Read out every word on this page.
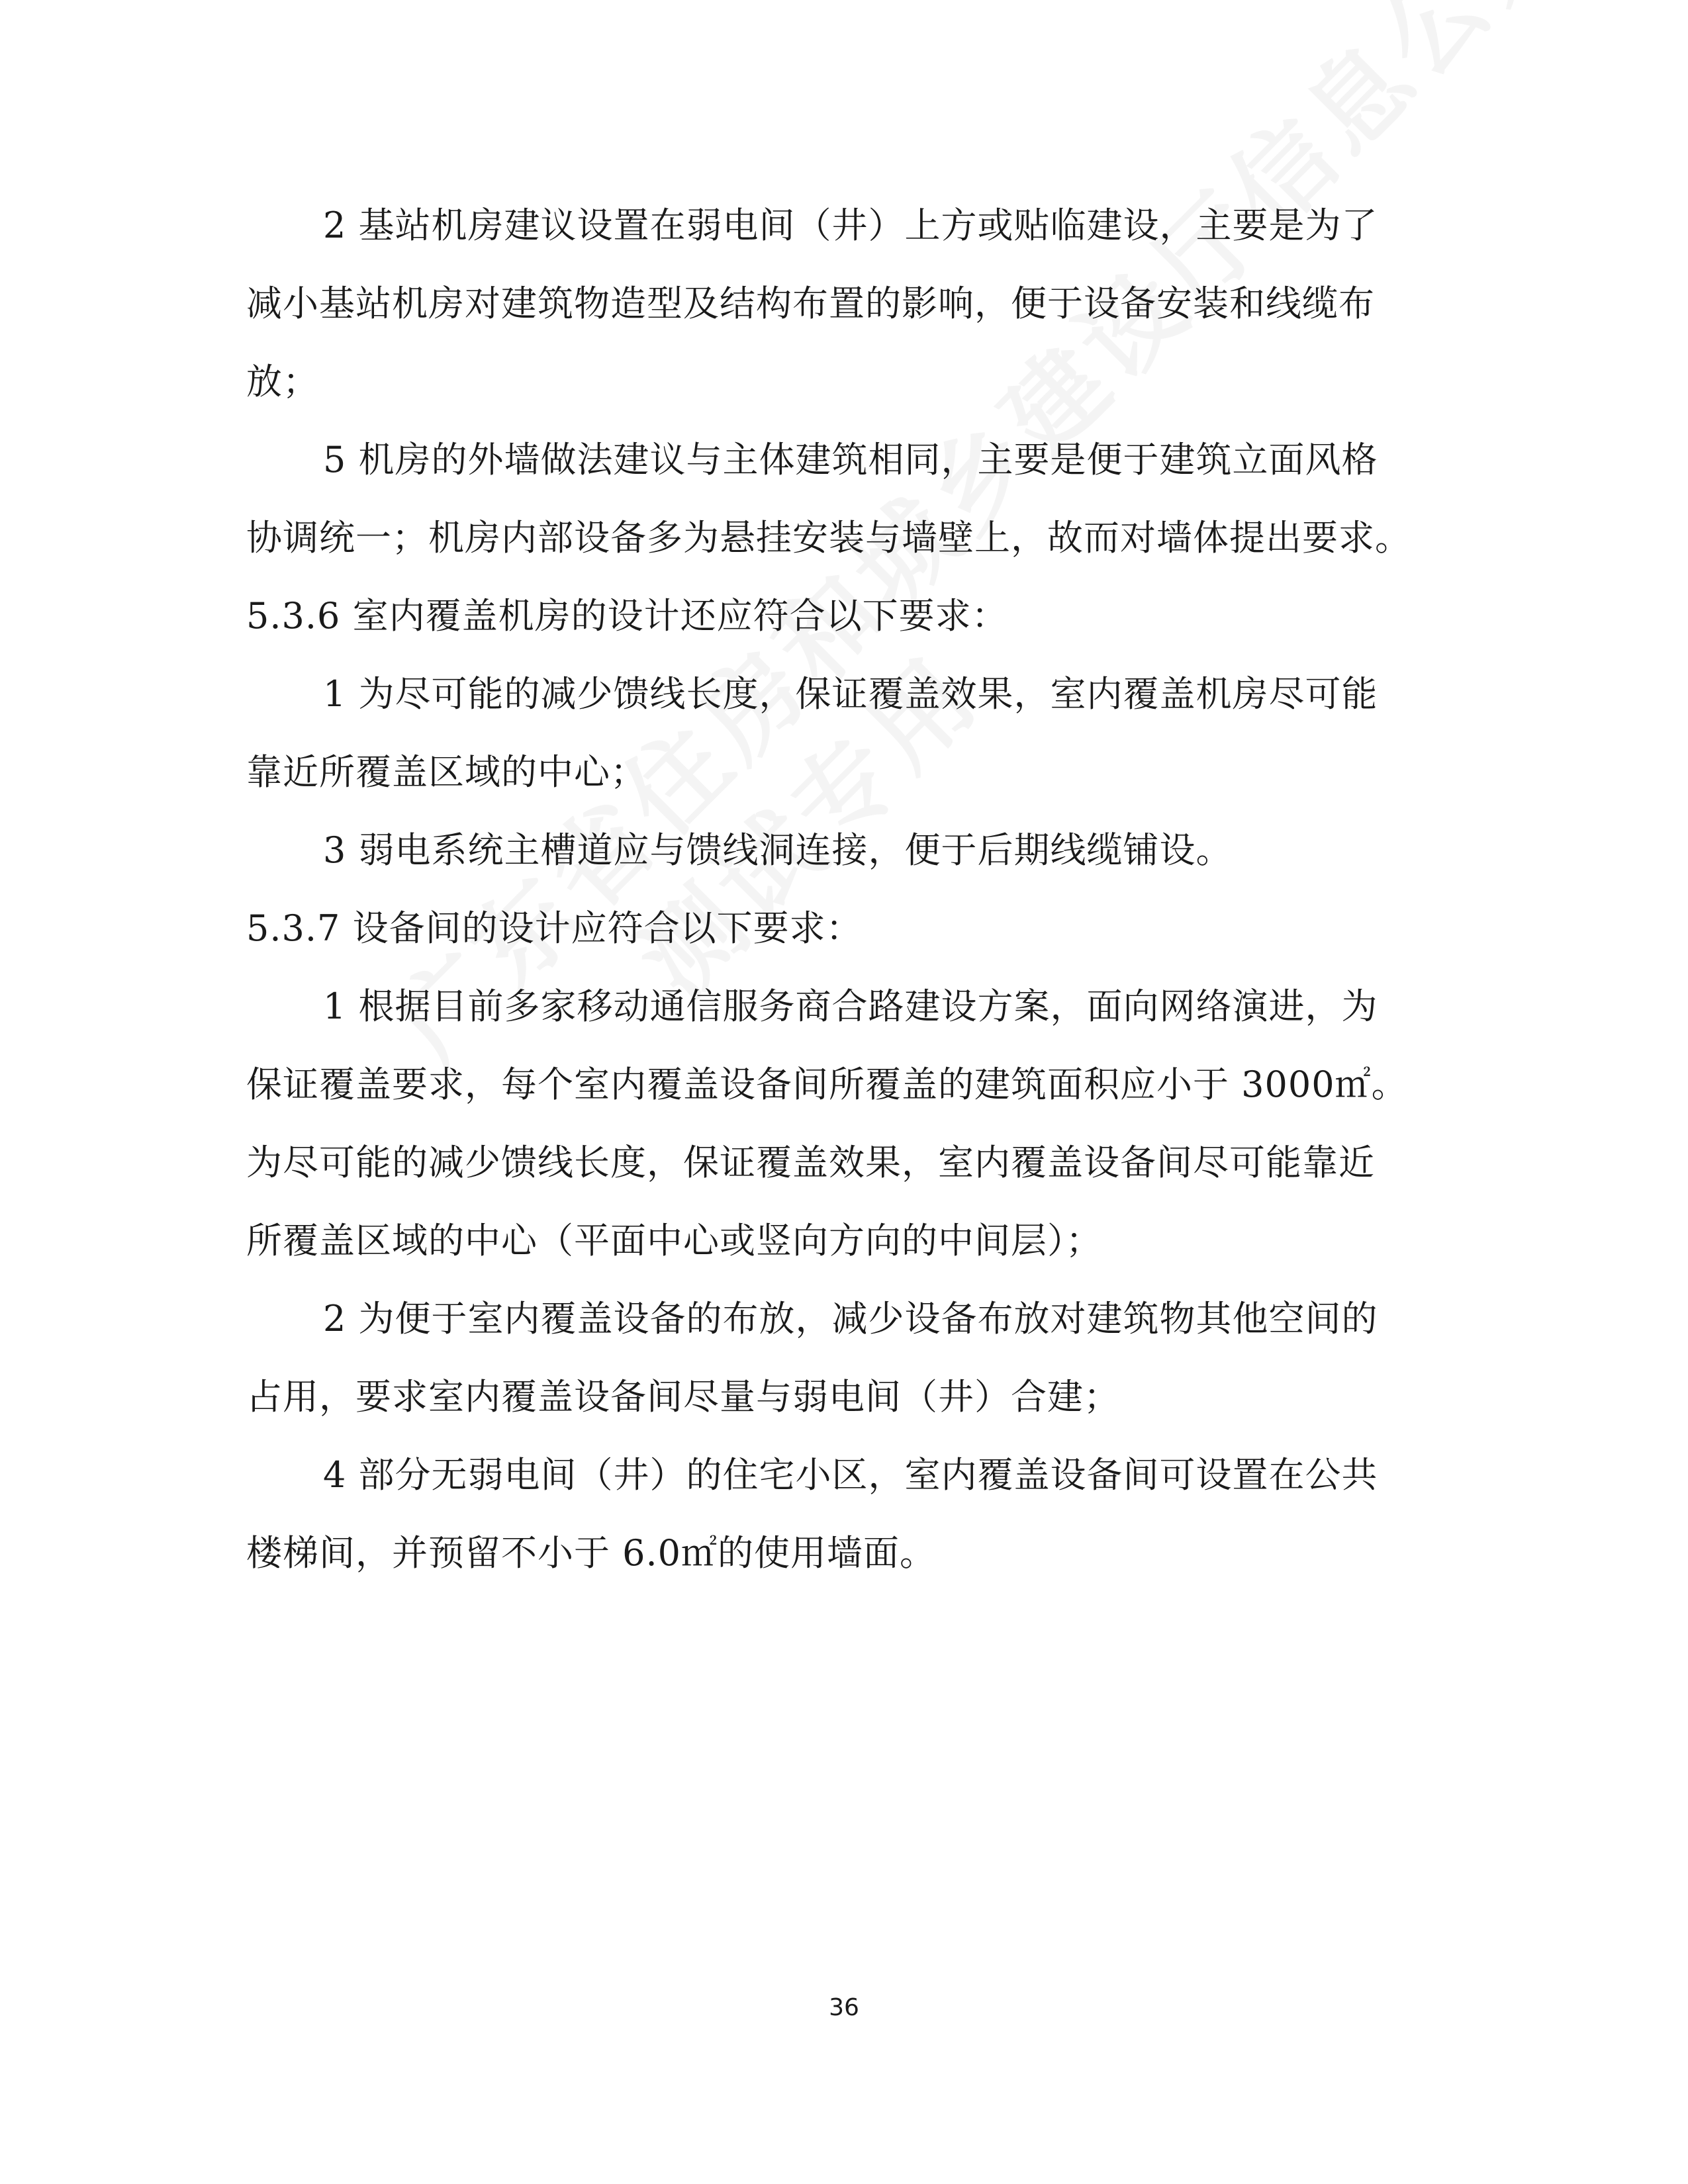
2 基站机房建议设置在弱电间（井）上方或贴临建设，主要是为了
减小基站机房对建筑物造型及结构布置的影响，便于设备安装和线缆布
放；
5 机房的外墙做法建议与主体建筑相同，主要是便于建筑立面风格
协调统一；机房内部设备多为悬挂安装与墙壁上，故而对墙体提出要求。
5.3.6 室内覆盖机房的设计还应符合以下要求：
1 为尽可能的减少馈线长度，保证覆盖效果，室内覆盖机房尽可能
靠近所覆盖区域的中心；
3 弱电系统主槽道应与馈线洞连接，便于后期线缆铺设。
5.3.7 设备间的设计应符合以下要求：
1 根据目前多家移动通信服务商合路建设方案，面向网络演进，为
保证覆盖要求，每个室内覆盖设备间所覆盖的建筑面积应小于 3000㎡。
为尽可能的减少馈线长度，保证覆盖效果，室内覆盖设备间尽可能靠近
所覆盖区域的中心（平面中心或竖向方向的中间层）；
2 为便于室内覆盖设备的布放，减少设备布放对建筑物其他空间的
占用，要求室内覆盖设备间尽量与弱电间（井）合建；
4 部分无弱电间（井）的住宅小区，室内覆盖设备间可设置在公共
楼梯间，并预留不小于 6.0㎡的使用墙面。
36
